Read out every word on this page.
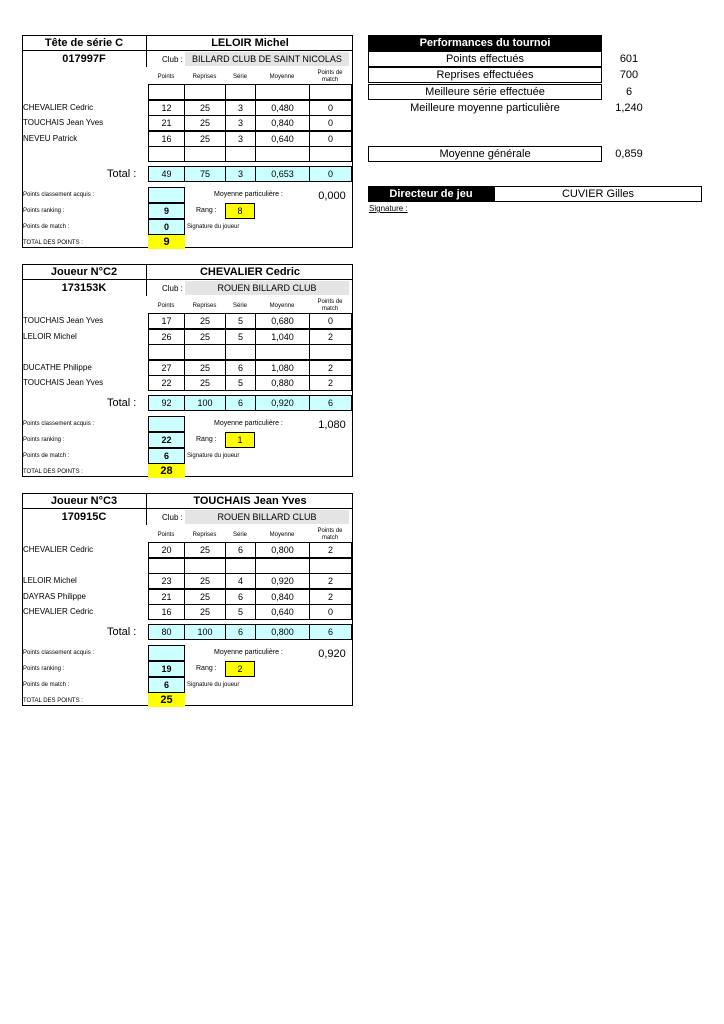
Tête de série C	LELOIR Michel
017997F	Club :	BILLARD CLUB DE SAINT NICOLAS
Points	Reprises	Série	Moyenne
Points de match
CHEVALIER Cedric	12	25	3	0,480	0
TOUCHAIS Jean Yves	21	25	3	0,840	0
NEVEU Patrick	16	25	3	0,640	0
Total :	49	75	3	0,653	0
Points classement acquis :	Moyenne particulière :	0,000
Points ranking :	9	Rang :	8
Points de match :	0	Signature du joueur
TOTAL DES POINTS :	9
Joueur N°C2	CHEVALIER Cedric
173153K	Club :	ROUEN BILLARD CLUB
Points	Reprises	Série	Moyenne
Points de match
TOUCHAIS Jean Yves	17	25	5	0,680	0
LELOIR Michel	26	25	5	1,040	2
DUCATHE Philippe	27	25	6	1,080	2
TOUCHAIS Jean Yves	22	25	5	0,880	2
Total :	92	100	6	0,920	6
Points classement acquis :	Moyenne particulière :	1,080
Points ranking :	22	Rang :	1
Points de match :	6	Signature du joueur
TOTAL DES POINTS :	28
Joueur N°C3	TOUCHAIS Jean Yves
170915C	Club :	ROUEN BILLARD CLUB
Points	Reprises	Série	Moyenne
Points de match
CHEVALIER Cedric	20	25	6	0,800	2
LELOIR Michel	23	25	4	0,920	2
DAYRAS Philippe	21	25	6	0,840	2
CHEVALIER Cedric	16	25	5	0,640	0
Total :	80	100	6	0,800	6
Points classement acquis :	Moyenne particulière :	0,920
Points ranking :	19	Rang :	2
Points de match :	6	Signature du joueur
TOTAL DES POINTS :	25
Performances du tournoi
Points effectués	601
Reprises effectuées	700
Meilleure série effectuée	6
Meilleure moyenne particulière	1,240
Moyenne générale	0,859
Directeur de jeu	CUVIER Gilles
Signature :
